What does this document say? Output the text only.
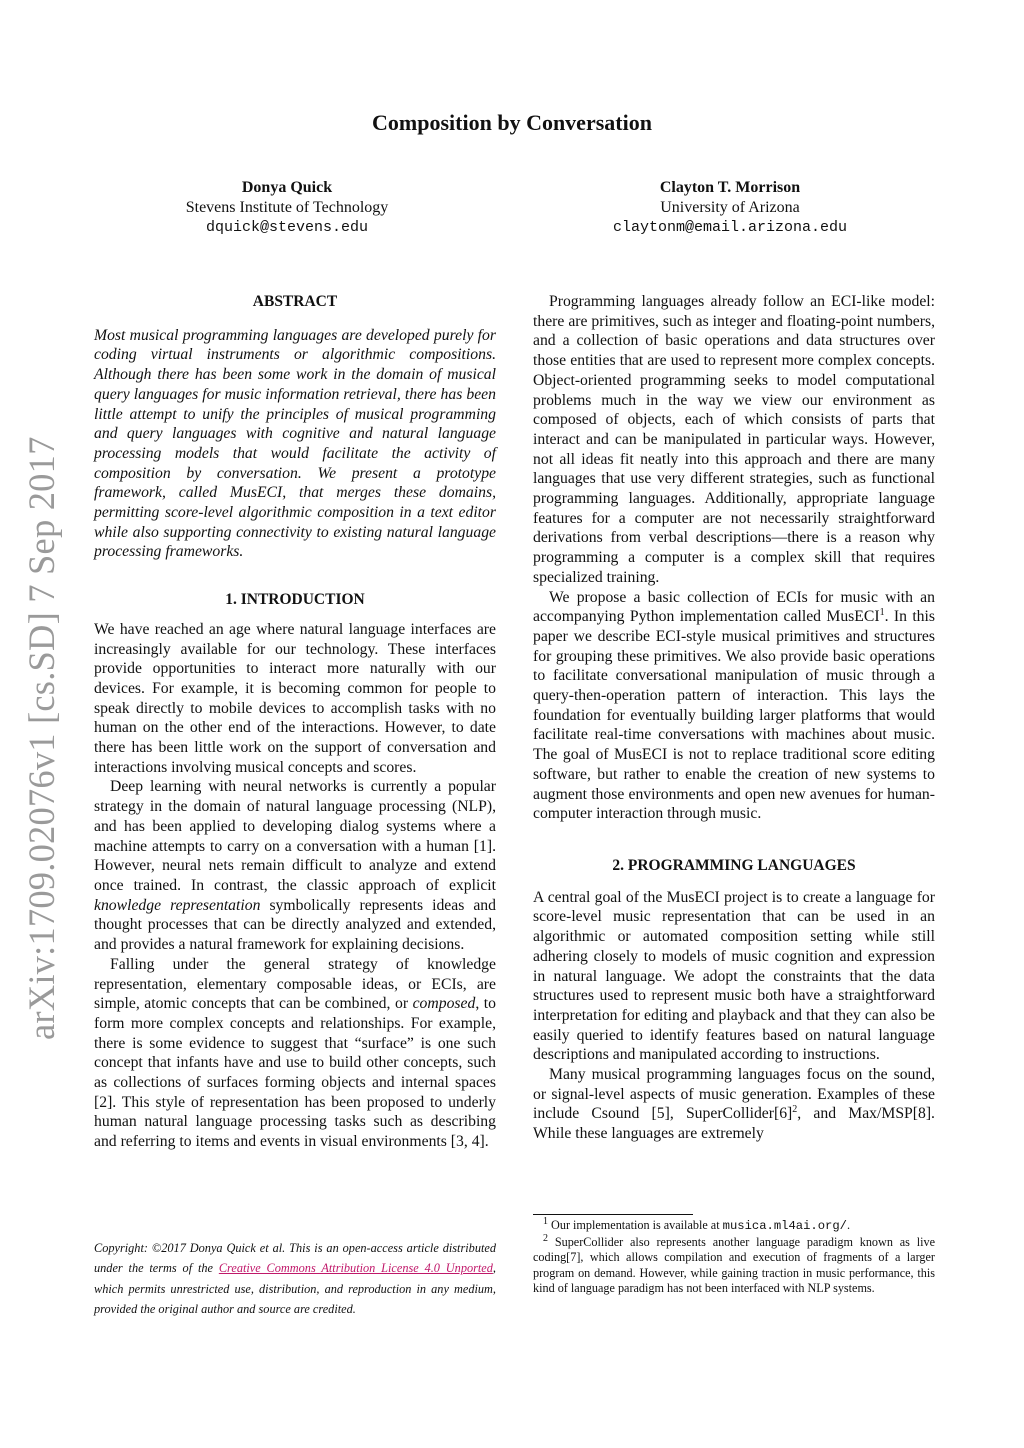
arXiv:1709.02076v1 [cs.SD] 7 Sep 2017
Composition by Conversation
Donya Quick
Stevens Institute of Technology
dquick@stevens.edu
Clayton T. Morrison
University of Arizona
claytonm@email.arizona.edu
ABSTRACT

Most musical programming languages are developed purely for coding virtual instruments or algorithmic compositions. Although there has been some work in the domain of musical query languages for music information retrieval, there has been little attempt to unify the principles of musical programming and query languages with cognitive and natural language processing models that would facilitate the activity of composition by conversation. We present a prototype framework, called MusECI, that merges these domains, permitting score-level algorithmic composition in a text editor while also supporting connectivity to existing natural language processing frameworks.

1. INTRODUCTION

We have reached an age where natural language interfaces are increasingly available for our technology. These interfaces provide opportunities to interact more naturally with our devices. For example, it is becoming common for people to speak directly to mobile devices to accomplish tasks with no human on the other end of the interactions. However, to date there has been little work on the support of conversation and interactions involving musical concepts and scores.

Deep learning with neural networks is currently a popular strategy in the domain of natural language processing (NLP), and has been applied to developing dialog systems where a machine attempts to carry on a conversation with a human [1]. However, neural nets remain difficult to analyze and extend once trained. In contrast, the classic approach of explicit knowledge representation symbolically represents ideas and thought processes that can be directly analyzed and extended, and provides a natural framework for explaining decisions.

Falling under the general strategy of knowledge representation, elementary composable ideas, or ECIs, are simple, atomic concepts that can be combined, or composed, to form more complex concepts and relationships. For example, there is some evidence to suggest that “surface” is one such concept that infants have and use to build other concepts, such as collections of surfaces forming objects and internal spaces [2]. This style of representation has been proposed to underly human natural language processing tasks such as describing and referring to items and events in visual environments [3, 4].

Copyright: ©2017 Donya Quick et al. This is an open-access article distributed under the terms of the Creative Commons Attribution License 4.0 Unported, which permits unrestricted use, distribution, and reproduction in any medium, provided the original author and source are credited.

Programming languages already follow an ECI-like model: there are primitives, such as integer and floating-point numbers, and a collection of basic operations and data structures over those entities that are used to represent more complex concepts. Object-oriented programming seeks to model computational problems much in the way we view our environment as composed of objects, each of which consists of parts that interact and can be manipulated in particular ways. However, not all ideas fit neatly into this approach and there are many languages that use very different strategies, such as functional programming languages. Additionally, appropriate language features for a computer are not necessarily straightforward derivations from verbal descriptions—there is a reason why programming a computer is a complex skill that requires specialized training.

We propose a basic collection of ECIs for music with an accompanying Python implementation called MusECI$^1$. In this paper we describe ECI-style musical primitives and structures for grouping these primitives. We also provide basic operations to facilitate conversational manipulation of music through a query-then-operation pattern of interaction. This lays the foundation for eventually building larger platforms that would facilitate real-time conversations with machines about music. The goal of MusECI is not to replace traditional score editing software, but rather to enable the creation of new systems to augment those environments and open new avenues for human-computer interaction through music.

2. PROGRAMMING LANGUAGES

A central goal of the MusECI project is to create a language for score-level music representation that can be used in an algorithmic or automated composition setting while still adhering closely to models of music cognition and expression in natural language. We adopt the constraints that the data structures used to represent music both have a straightforward interpretation for editing and playback and that they can also be easily queried to identify features based on natural language descriptions and manipulated according to instructions.

Many musical programming languages focus on the sound, or signal-level aspects of music generation. Examples of these include Csound [5], $SuperCollider[6]^2$, and Max/MSP[8]. While these languages are extremely

$^1$ Our implementation is available at musica.ml4ai.org/.

$^2$ SuperCollider also represents another language paradigm known as live coding[7], which allows compilation and execution of fragments of a larger program on demand. However, while gaining traction in music performance, this kind of language paradigm has not been interfaced with NLP systems.
